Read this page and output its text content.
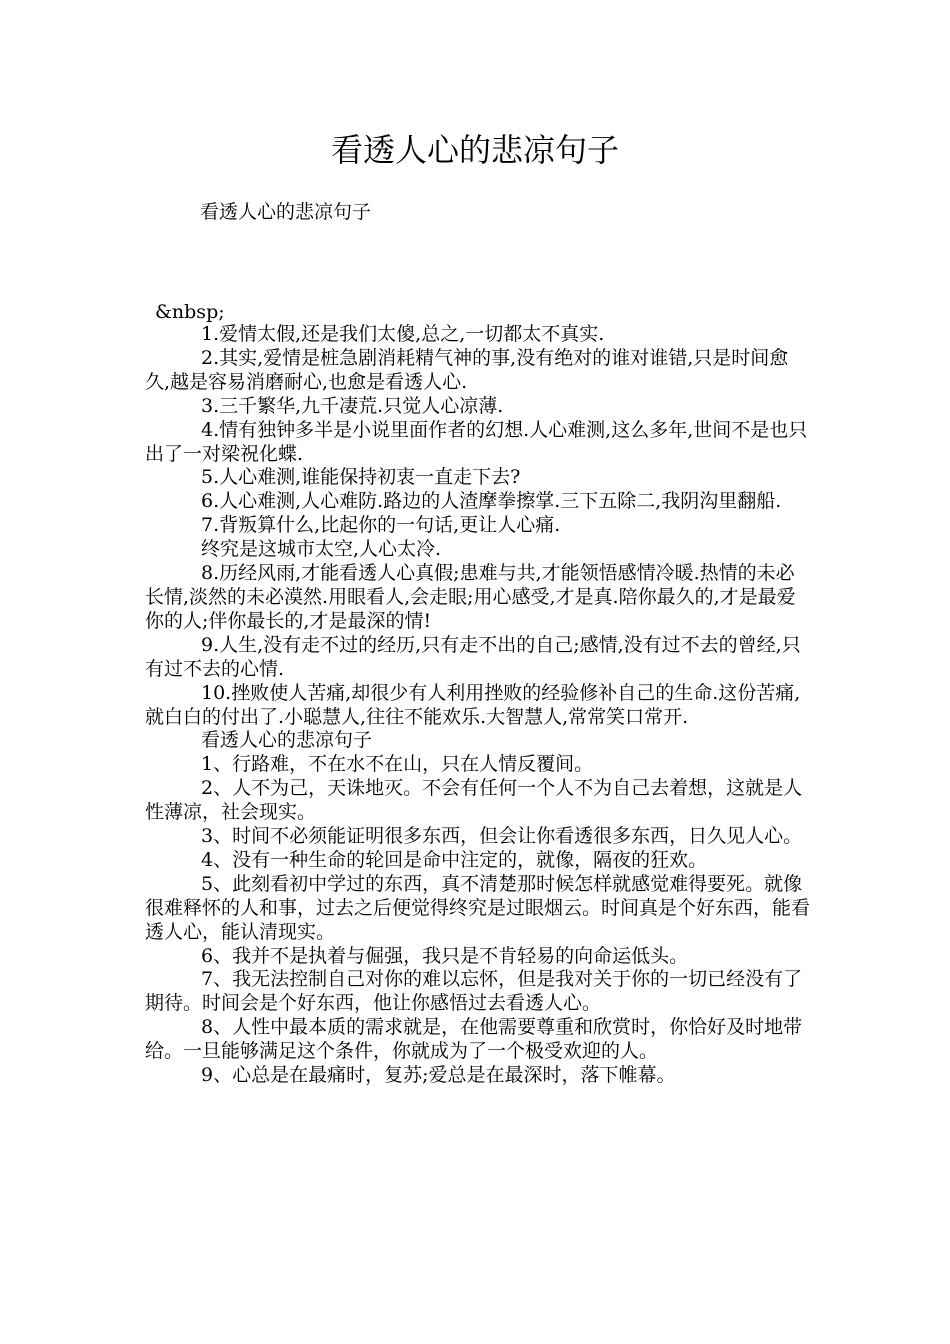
看透人心的悲凉句子
看透人心的悲凉句子
&nbsp;

1.爱情太假,还是我们太傻,总之,一切都太不真实.

2.其实,爱情是桩急剧消耗精气神的事,没有绝对的谁对谁错,只是时间愈久,越是容易消磨耐心,也愈是看透人心.

3.三千繁华,九千凄荒.只觉人心凉薄.

4.情有独钟多半是小说里面作者的幻想.人心难测,这么多年,世间不是也只出了一对梁祝化蝶.

5.人心难测,谁能保持初衷一直走下去?

6.人心难测,人心难防.路边的人渣摩拳擦掌.三下五除二,我阴沟里翻船.

7.背叛算什么,比起你的一句话,更让人心痛.

终究是这城市太空,人心太冷.

8.历经风雨,才能看透人心真假;患难与共,才能领悟感情冷暖.热情的未必长情,淡然的未必漠然.用眼看人,会走眼;用心感受,才是真.陪你最久的,才是最爱你的人;伴你最长的,才是最深的情!

9.人生,没有走不过的经历,只有走不出的自己;感情,没有过不去的曾经,只有过不去的心情.

10.挫败使人苦痛,却很少有人利用挫败的经验修补自己的生命.这份苦痛,就白白的付出了.小聪慧人,往往不能欢乐.大智慧人,常常笑口常开.

看透人心的悲凉句子

1、行路难，不在水不在山，只在人情反覆间。

2、人不为己，天诛地灭。不会有任何一个人不为自己去着想，这就是人性薄凉，社会现实。

3、时间不必须能证明很多东西，但会让你看透很多东西，日久见人心。

4、没有一种生命的轮回是命中注定的，就像，隔夜的狂欢。

5、此刻看初中学过的东西，真不清楚那时候怎样就感觉难得要死。就像很难释怀的人和事，过去之后便觉得终究是过眼烟云。时间真是个好东西，能看透人心，能认清现实。

6、我并不是执着与倔强，我只是不肯轻易的向命运低头。

7、我无法控制自己对你的难以忘怀，但是我对关于你的一切已经没有了期待。时间会是个好东西，他让你感悟过去看透人心。

8、人性中最本质的需求就是，在他需要尊重和欣赏时，你恰好及时地带给。一旦能够满足这个条件，你就成为了一个极受欢迎的人。

9、心总是在最痛时，复苏;爱总是在最深时，落下帷幕。
